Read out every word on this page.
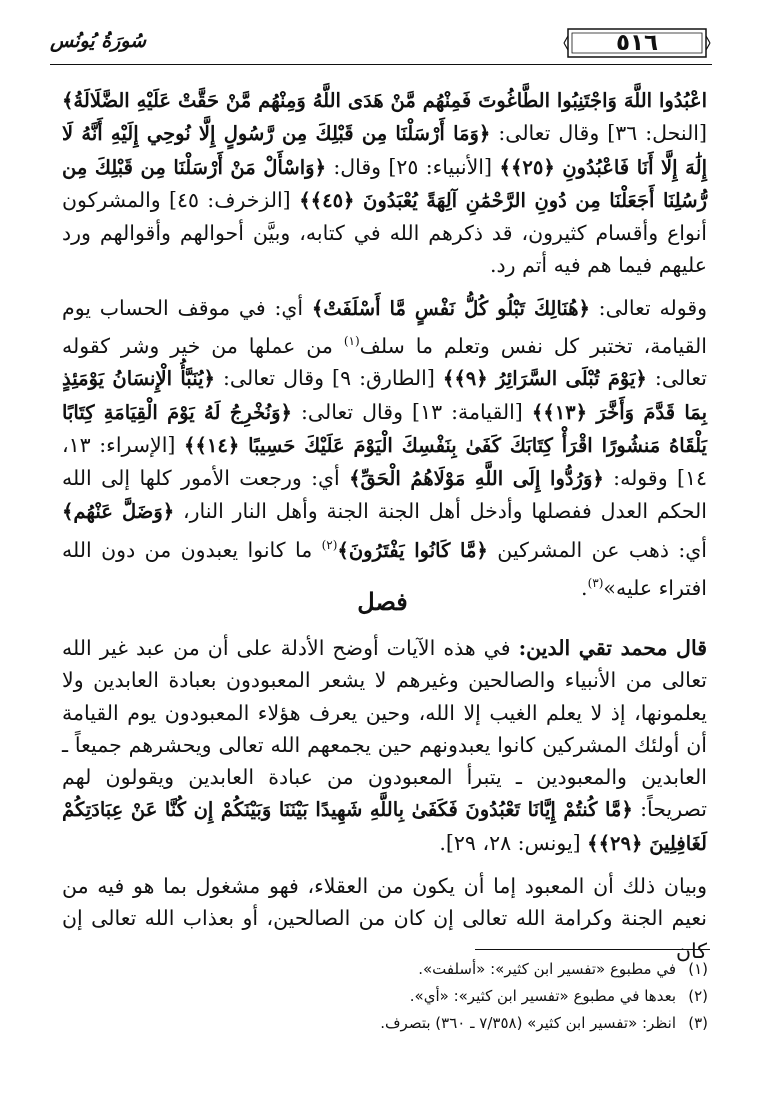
سُورَةُ يُونُس	٥١٦

اعْبُدُوا اللَّهَ وَاجْتَنِبُوا الطَّاغُوتَ فَمِنْهُم مَّنْ هَدَى اللَّهُ وَمِنْهُم مَّنْ حَقَّتْ عَلَيْهِ الضَّلَالَةُ﴾ [النحل: ٣٦] وقال تعالى: ﴿وَمَا أَرْسَلْنَا مِن قَبْلِكَ مِن رَّسُولٍ إِلَّا نُوحِي إِلَيْهِ أَنَّهُ لَا إِلَٰهَ إِلَّا أَنَا فَاعْبُدُونِ ﴿٢٥﴾﴾ [الأنبياء: ٢٥] وقال: ﴿وَاسْأَلْ مَنْ أَرْسَلْنَا مِن قَبْلِكَ مِن رُّسُلِنَا أَجَعَلْنَا مِن دُونِ الرَّحْمَٰنِ آلِهَةً يُعْبَدُونَ ﴿٤٥﴾﴾ [الزخرف: ٤٥] والمشركون أنواع وأقسام كثيرون، قد ذكرهم الله في كتابه، وبيَّن أحوالهم وأقوالهم ورد عليهم فيما هم فيه أتم رد.

وقوله تعالى: ﴿هُنَالِكَ تَبْلُو كُلُّ نَفْسٍ مَّا أَسْلَفَتْ﴾ أي: في موقف الحساب يوم القيامة، تختبر كل نفس وتعلم ما سلف$^{(١)}$ من عملها من خير وشر كقوله تعالى: ﴿يَوْمَ تُبْلَى السَّرَائِرُ ﴿٩﴾﴾ [الطارق: ٩] وقال تعالى: ﴿يُنَبَّأُ الْإِنسَانُ يَوْمَئِذٍ بِمَا قَدَّمَ وَأَخَّرَ ﴿١٣﴾﴾ [القيامة: ١٣] وقال تعالى: ﴿وَنُخْرِجُ لَهُ يَوْمَ الْقِيَامَةِ كِتَابًا يَلْقَاهُ مَنشُورًا اقْرَأْ كِتَابَكَ كَفَىٰ بِنَفْسِكَ الْيَوْمَ عَلَيْكَ حَسِيبًا ﴿١٤﴾﴾ [الإسراء: ١٣، ١٤] وقوله: ﴿وَرُدُّوا إِلَى اللَّهِ مَوْلَاهُمُ الْحَقِّ﴾ أي: ورجعت الأمور كلها إلى الله الحكم العدل ففصلها وأدخل أهل الجنة الجنة وأهل النار النار، ﴿وَضَلَّ عَنْهُم﴾ أي: ذهب عن المشركين ﴿مَّا كَانُوا يَفْتَرُونَ﴾$^{(٢)}$ ما كانوا يعبدون من دون الله افتراء عليه»$^{(٣)}$.

فصل

قال محمد تقي الدين: في هذه الآيات أوضح الأدلة على أن من عبد غير الله تعالى من الأنبياء والصالحين وغيرهم لا يشعر المعبودون بعبادة العابدين ولا يعلمونها، إذ لا يعلم الغيب إلا الله، وحين يعرف هؤلاء المعبودون يوم القيامة أن أولئك المشركين كانوا يعبدونهم حين يجمعهم الله تعالى ويحشرهم جميعاً ـ العابدين والمعبودين ـ يتبرأ المعبودون من عبادة العابدين ويقولون لهم تصريحاً: ﴿مَّا كُنتُمْ إِيَّانَا تَعْبُدُونَ فَكَفَىٰ بِاللَّهِ شَهِيدًا بَيْنَنَا وَبَيْنَكُمْ إِن كُنَّا عَنْ عِبَادَتِكُمْ لَغَافِلِينَ ﴿٢٩﴾﴾ [يونس: ٢٨، ٢٩].

وبيان ذلك أن المعبود إما أن يكون من العقلاء، فهو مشغول بما هو فيه من نعيم الجنة وكرامة الله تعالى إن كان من الصالحين، أو بعذاب الله تعالى إن كان

(١)في مطبوع «تفسير ابن كثير»: «أسلفت».
(٢)بعدها في مطبوع «تفسير ابن كثير»: «أي».
(٣)انظر: «تفسير ابن كثير» (٧/٣٥٨ ـ ٣٦٠) بتصرف.
